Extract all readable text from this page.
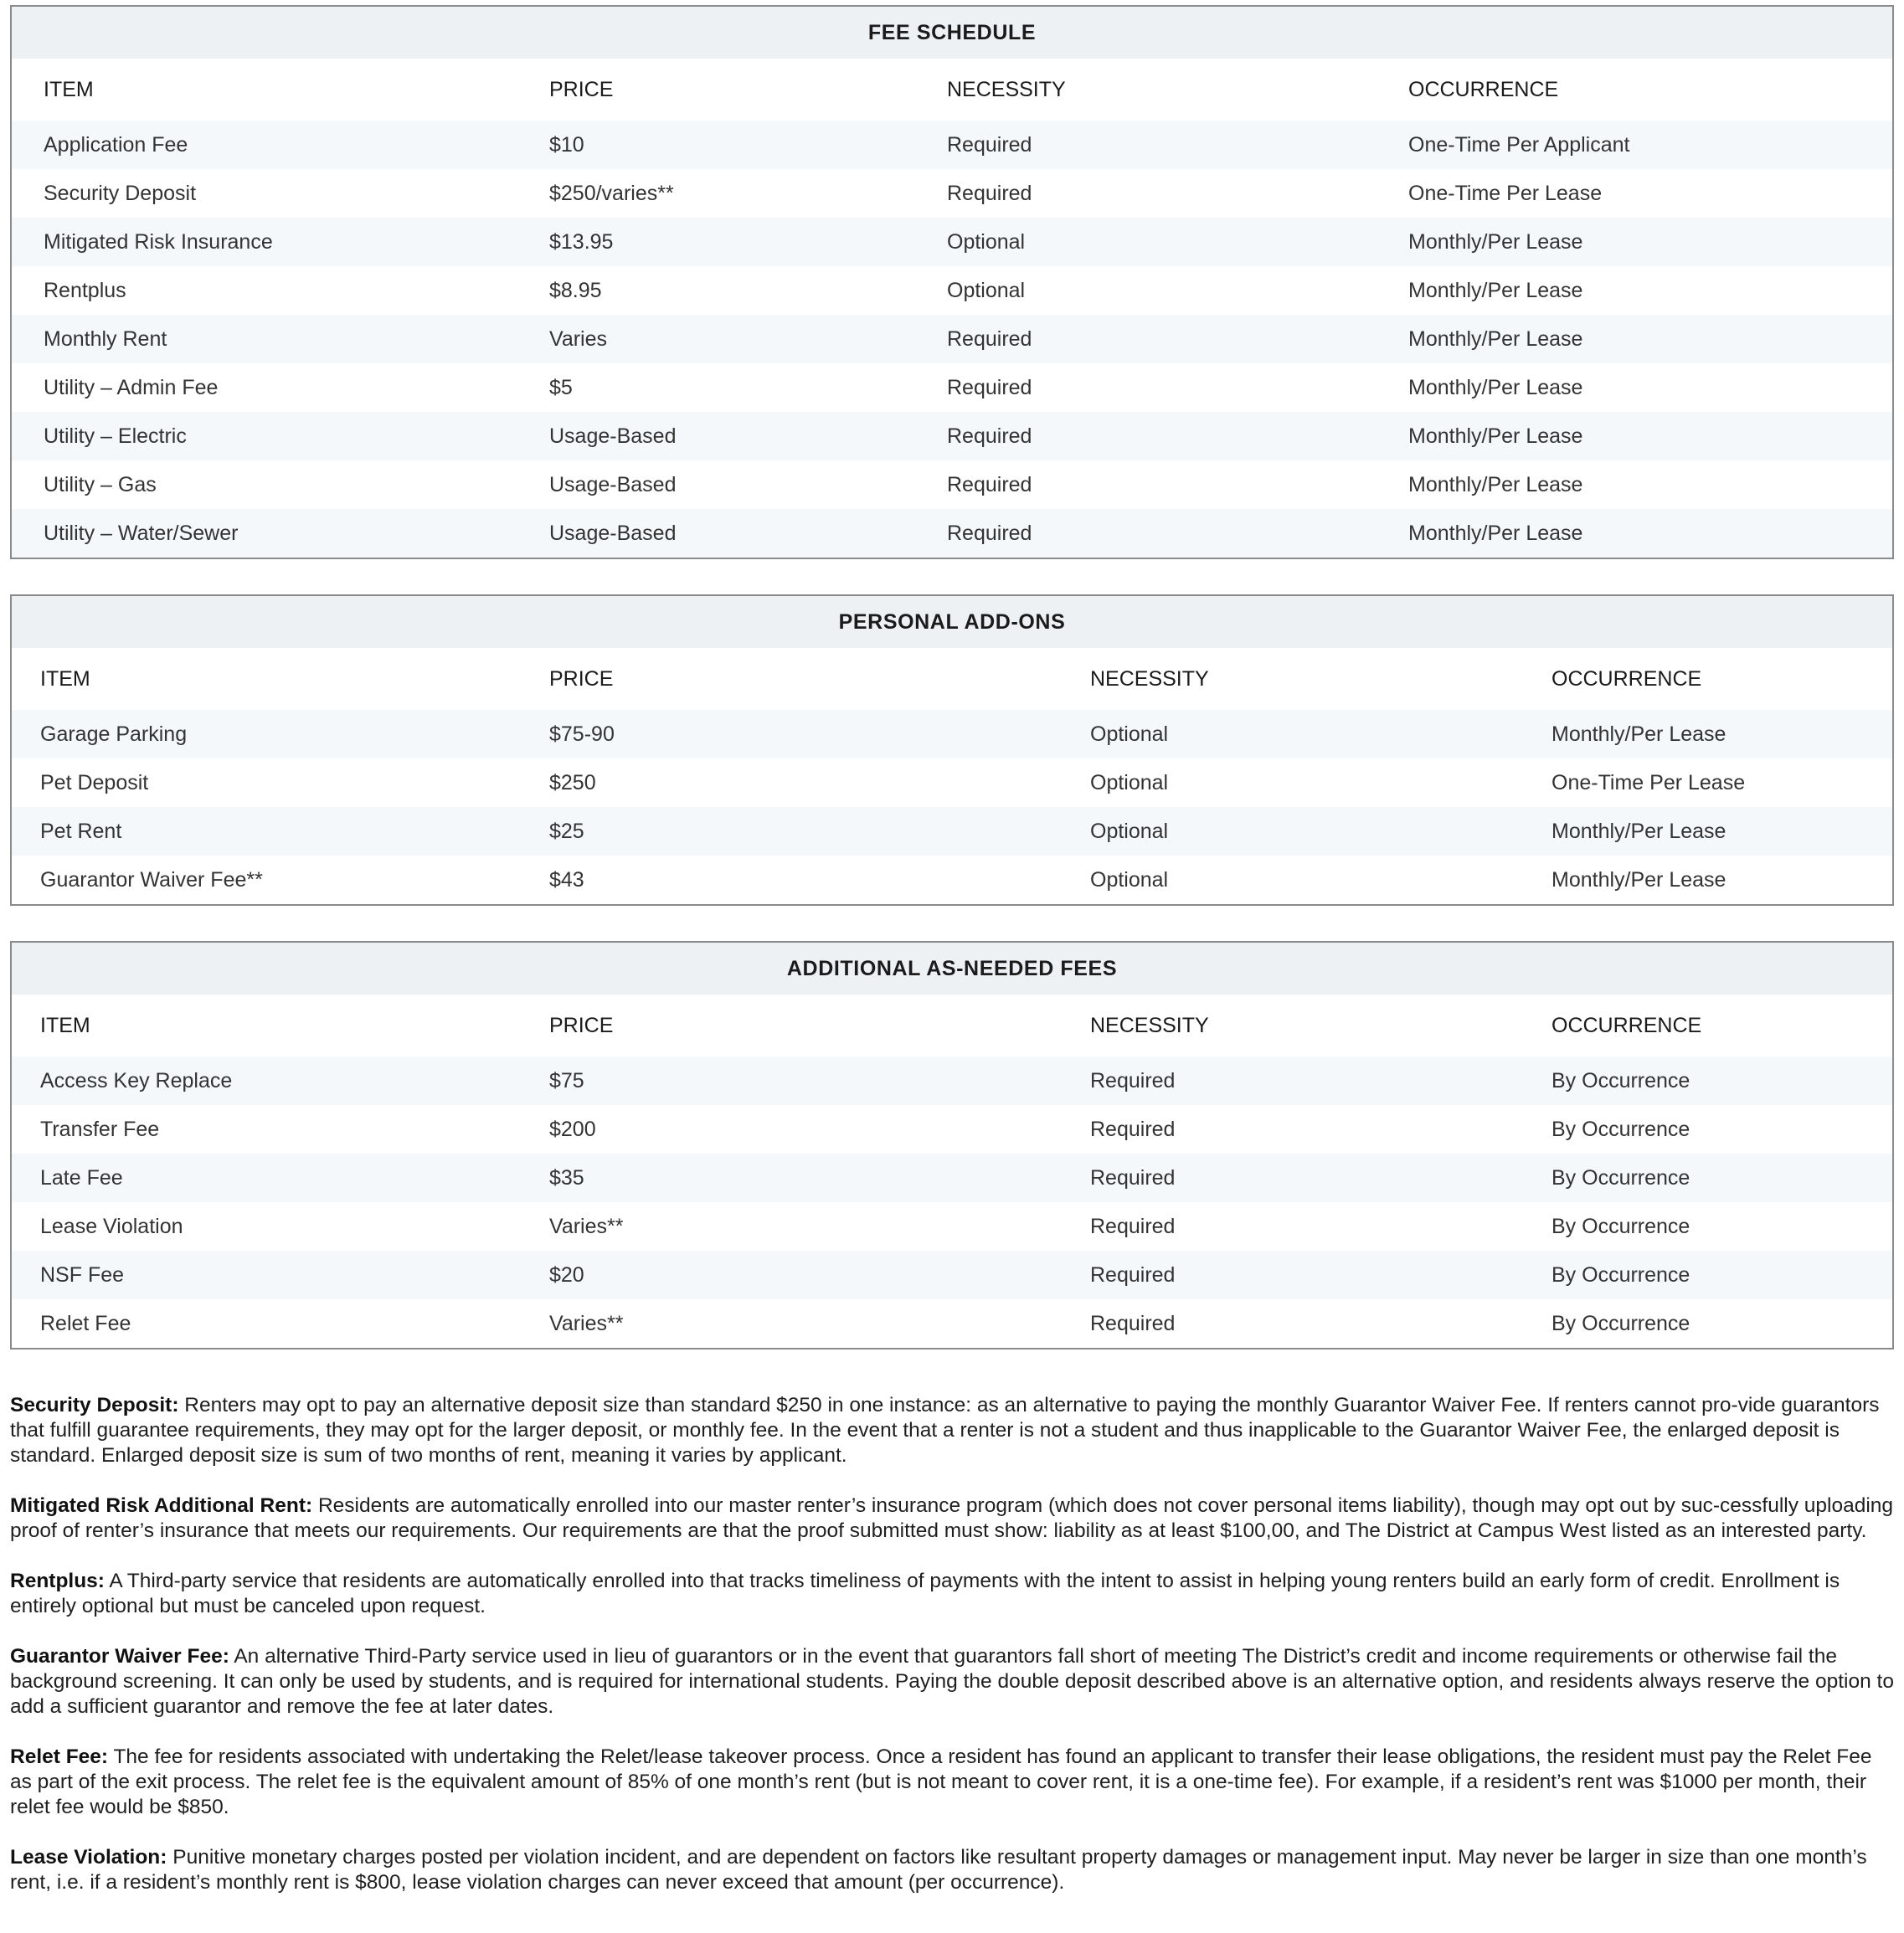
FEE SCHEDULE
ITEM	PRICE	NECESSITY	OCCURRENCE
Application Fee	$10	Required	One-Time Per Applicant
Security Deposit	$250/varies**	Required	One-Time Per Lease
Mitigated Risk Insurance	$13.95	Optional	Monthly/Per Lease
Rentplus	$8.95	Optional	Monthly/Per Lease
Monthly Rent	Varies	Required	Monthly/Per Lease
Utility – Admin Fee	$5	Required	Monthly/Per Lease
Utility – Electric	Usage-Based	Required	Monthly/Per Lease
Utility – Gas	Usage-Based	Required	Monthly/Per Lease
Utility – Water/Sewer	Usage-Based	Required	Monthly/Per Lease
PERSONAL ADD-ONS
ITEM	PRICE	NECESSITY	OCCURRENCE
Garage Parking	$75-90	Optional	Monthly/Per Lease
Pet Deposit	$250	Optional	One-Time Per Lease
Pet Rent	$25	Optional	Monthly/Per Lease
Guarantor Waiver Fee**	$43	Optional	Monthly/Per Lease
ADDITIONAL AS-NEEDED FEES
ITEM	PRICE	NECESSITY	OCCURRENCE
Access Key Replace	$75	Required	By Occurrence
Transfer Fee	$200	Required	By Occurrence
Late Fee	$35	Required	By Occurrence
Lease Violation	Varies**	Required	By Occurrence
NSF Fee	$20	Required	By Occurrence
Relet Fee	Varies**	Required	By Occurrence

Security Deposit: Renters may opt to pay an alternative deposit size than standard $250 in one instance: as an alternative to paying the monthly Guarantor Waiver Fee. If renters cannot pro-vide guarantors that fulfill guarantee requirements, they may opt for the larger deposit, or monthly fee. In the event that a renter is not a student and thus inapplicable to the Guarantor Waiver Fee, the enlarged deposit is standard. Enlarged deposit size is sum of two months of rent, meaning it varies by applicant.

Mitigated Risk Additional Rent: Residents are automatically enrolled into our master renter’s insurance program (which does not cover personal items liability), though may opt out by suc-cessfully uploading proof of renter’s insurance that meets our requirements. Our requirements are that the proof submitted must show: liability as at least $100,00, and The District at Campus West listed as an interested party.

Rentplus: A Third-party service that residents are automatically enrolled into that tracks timeliness of payments with the intent to assist in helping young renters build an early form of credit. Enrollment is entirely optional but must be canceled upon request.

Guarantor Waiver Fee: An alternative Third-Party service used in lieu of guarantors or in the event that guarantors fall short of meeting The District’s credit and income requirements or otherwise fail the background screening. It can only be used by students, and is required for international students. Paying the double deposit described above is an alternative option, and residents always reserve the option to add a sufficient guarantor and remove the fee at later dates.

Relet Fee: The fee for residents associated with undertaking the Relet/lease takeover process. Once a resident has found an applicant to transfer their lease obligations, the resident must pay the Relet Fee as part of the exit process. The relet fee is the equivalent amount of 85% of one month’s rent (but is not meant to cover rent, it is a one-time fee). For example, if a resident’s rent was $1000 per month, their relet fee would be $850.

Lease Violation: Punitive monetary charges posted per violation incident, and are dependent on factors like resultant property damages or management input. May never be larger in size than one month’s rent, i.e. if a resident’s monthly rent is $800, lease violation charges can never exceed that amount (per occurrence).
